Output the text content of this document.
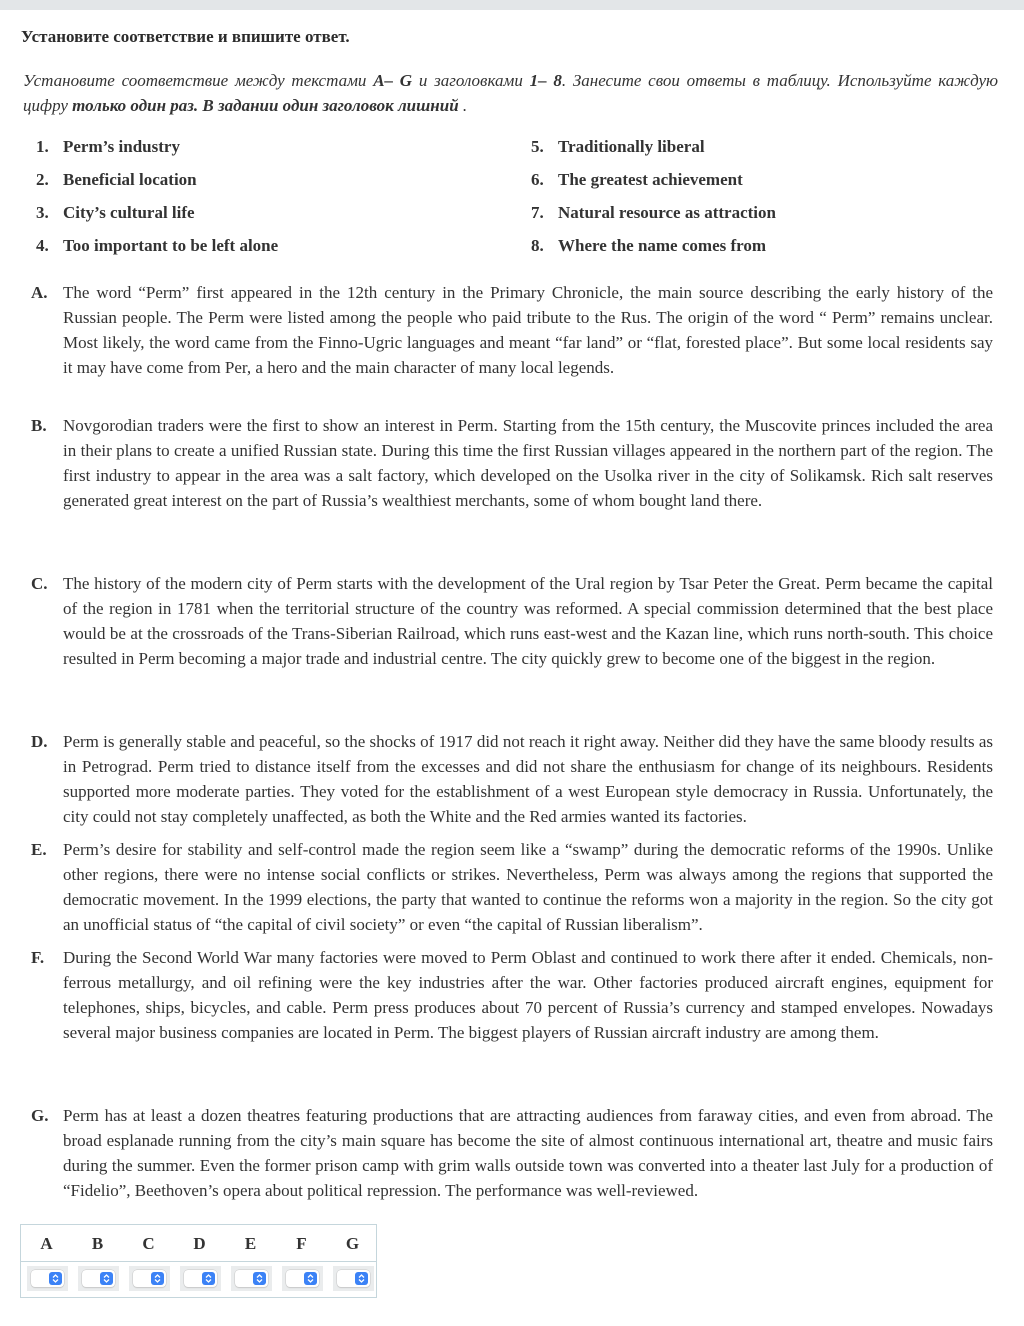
Установите соответствие и впишите ответ.
Установите соответствие между текстами A– G и заголовками 1– 8. Занесите свои ответы в таблицу. Используйте каждую цифру только один раз. В задании один заголовок лишний .
1. Perm’s industry
2. Beneficial location
3. City’s cultural life
4. Too important to be left alone
5. Traditionally liberal
6. The greatest achievement
7. Natural resource as attraction
8. Where the name comes from
A. The word “Perm” first appeared in the 12th century in the Primary Chronicle, the main source describing the early history of the Russian people. The Perm were listed among the people who paid tribute to the Rus. The origin of the word “ Perm” remains unclear. Most likely, the word came from the Finno-Ugric languages and meant “far land” or “flat, forested place”. But some local residents say it may have come from Per, a hero and the main character of many local legends.
B. Novgorodian traders were the first to show an interest in Perm. Starting from the 15th century, the Muscovite princes included the area in their plans to create a unified Russian state. During this time the first Russian villages appeared in the northern part of the region. The first industry to appear in the area was a salt factory, which developed on the Usolka river in the city of Solikamsk. Rich salt reserves generated great interest on the part of Russia’s wealthiest merchants, some of whom bought land there.
C. The history of the modern city of Perm starts with the development of the Ural region by Tsar Peter the Great. Perm became the capital of the region in 1781 when the territorial structure of the country was reformed. A special commission determined that the best place would be at the crossroads of the Trans-Siberian Railroad, which runs east-west and the Kazan line, which runs north-south. This choice resulted in Perm becoming a major trade and industrial centre. The city quickly grew to become one of the biggest in the region.
D. Perm is generally stable and peaceful, so the shocks of 1917 did not reach it right away. Neither did they have the same bloody results as in Petrograd. Perm tried to distance itself from the excesses and did not share the enthusiasm for change of its neighbours. Residents supported more moderate parties. They voted for the establishment of a west European style democracy in Russia. Unfortunately, the city could not stay completely unaffected, as both the White and the Red armies wanted its factories.
E. Perm’s desire for stability and self-control made the region seem like a “swamp” during the democratic reforms of the 1990s. Unlike other regions, there were no intense social conflicts or strikes. Nevertheless, Perm was always among the regions that supported the democratic movement. In the 1999 elections, the party that wanted to continue the reforms won a majority in the region. So the city got an unofficial status of “the capital of civil society” or even “the capital of Russian liberalism”.
F. During the Second World War many factories were moved to Perm Oblast and continued to work there after it ended. Chemicals, non-ferrous metallurgy, and oil refining were the key industries after the war. Other factories produced aircraft engines, equipment for telephones, ships, bicycles, and cable. Perm press produces about 70 percent of Russia’s currency and stamped envelopes. Nowadays several major business companies are located in Perm. The biggest players of Russian aircraft industry are among them.
G. Perm has at least a dozen theatres featuring productions that are attracting audiences from faraway cities, and even from abroad. The broad esplanade running from the city’s main square has become the site of almost continuous international art, theatre and music fairs during the summer. Even the former prison camp with grim walls outside town was converted into a theater last July for a production of “Fidelio”, Beethoven’s opera about political repression. The performance was well-reviewed.
A	B	C	D	E	F	G
